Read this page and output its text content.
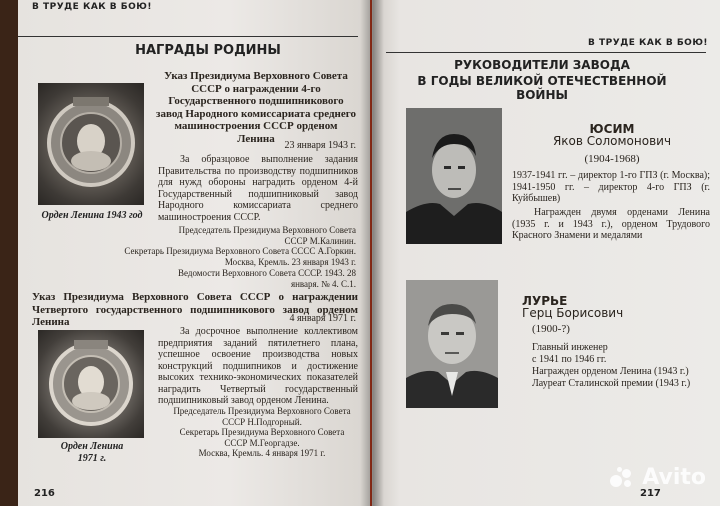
В ТРУДЕ КАК В БОЮ!
НАГРАДЫ РОДИНЫ
Орден Ленина 1943 год
Указ Президиума Верховного Совета СССР о награждении 4-го Государственного подшипникового завод Народного комиссариата среднего машиностроения СССР орденом Ленина
23 января 1943 г.
За образцовое выполнение задания Правительства по производству подшипников для нужд обороны наградить орденом 4-й Государственный подшипниковый завод Народного комиссариата среднего машиностроения СССР.
Председатель Президиума Верховного Совета СССР М.Калинин.
Секретарь Президиума Верховного Совета СССС А.Горкин.
Москва, Кремль. 23 января 1943 г.
Ведомости Верховного Совета СССР. 1943. 28 января. № 4. С.1.
Указ Президиума Верховного Совета СССР о награждении Четвертого государственного подшипникового завод орденом Ленина
Орден Ленина
1971 г.
4 января 1971 г.
За досрочное выполнение коллективом предприятия заданий пятилетнего плана, успешное освоение производства новых конструкций подшипников и достижение высоких технико-экономических показателей наградить Четвертый государственный подшипниковый завод орденом Ленина.
Председатель Президиума Верховного Совета СССР Н.Подгорный.
Секретарь Президиума Верховного Совета СССР М.Георгадзе.
Москва, Кремль. 4 января 1971 г.
216
В ТРУДЕ КАК В БОЮ!
РУКОВОДИТЕЛИ ЗАВОДА
В ГОДЫ ВЕЛИКОЙ ОТЕЧЕСТВЕННОЙ ВОЙНЫ
ЮСИМ
Яков Соломонович
(1904-1968)
1937-1941 гг. – директор 1-го ГПЗ (г. Москва); 1941-1950 гг. – директор 4-го ГПЗ (г. Куйбышев)
Награжден двумя орденами Ленина (1935 г. и 1943 г.), орденом Трудового Красного Знамени и медалями
ЛУРЬЕ
Герц Борисович
(1900-?)
Главный инженер
с 1941 по 1946 гг.
Награжден орденом Ленина (1943 г.)
Лауреат Сталинской премии (1943 г.)
217
Avito
